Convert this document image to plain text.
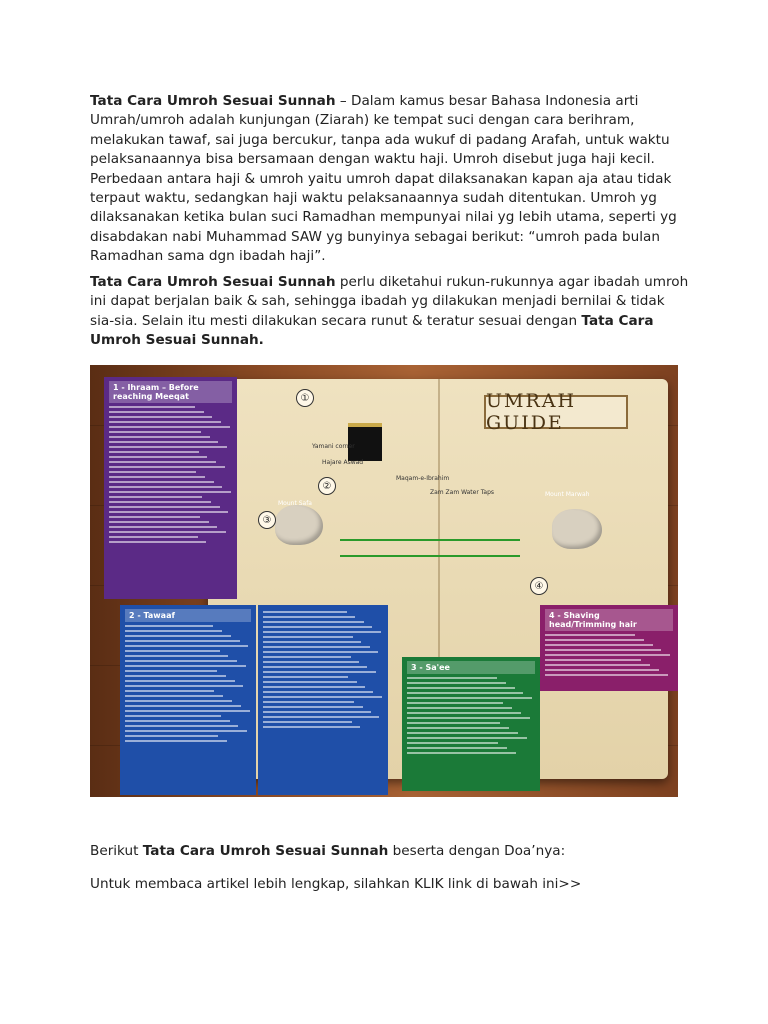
Tata Cara Umroh Sesuai Sunnah – Dalam kamus besar Bahasa Indonesia arti Umrah/umroh adalah kunjungan (Ziarah) ke tempat suci dengan cara berihram, melakukan tawaf, sai juga bercukur, tanpa ada wukuf di padang Arafah, untuk waktu pelaksanaannya bisa bersamaan dengan waktu haji. Umroh disebut juga haji kecil. Perbedaan antara haji & umroh yaitu umroh dapat dilaksanakan kapan aja atau tidak terpaut waktu, sedangkan haji waktu pelaksanaannya sudah ditentukan. Umroh yg dilaksanakan ketika bulan suci Ramadhan mempunyai nilai yg lebih utama, seperti yg disabdakan nabi Muhammad SAW yg bunyinya sebagai berikut: “umroh pada bulan Ramadhan sama dgn ibadah haji”.

Tata Cara Umroh Sesuai Sunnah perlu diketahui rukun-rukunnya agar ibadah umroh ini dapat berjalan baik & sah, sehingga ibadah yg dilakukan menjadi bernilai & tidak sia-sia. Selain itu mesti dilakukan secara runut & teratur sesuai dengan Tata Cara Umroh Sesuai Sunnah.

UMRAH GUIDE
Yamani corner
Hajare Aswad
Maqam-e-Ibrahim
Zam Zam Water Taps
Mount Safa
Mount Marwah
①
②
③
④
1 - Ihraam – Before reaching Meeqat
2 - Tawaaf
3 - Sa'ee
4 - Shaving head/Trimming hair

Berikut Tata Cara Umroh Sesuai Sunnah beserta dengan Doa’nya:

Untuk membaca artikel lebih lengkap, silahkan KLIK link di bawah ini>>
